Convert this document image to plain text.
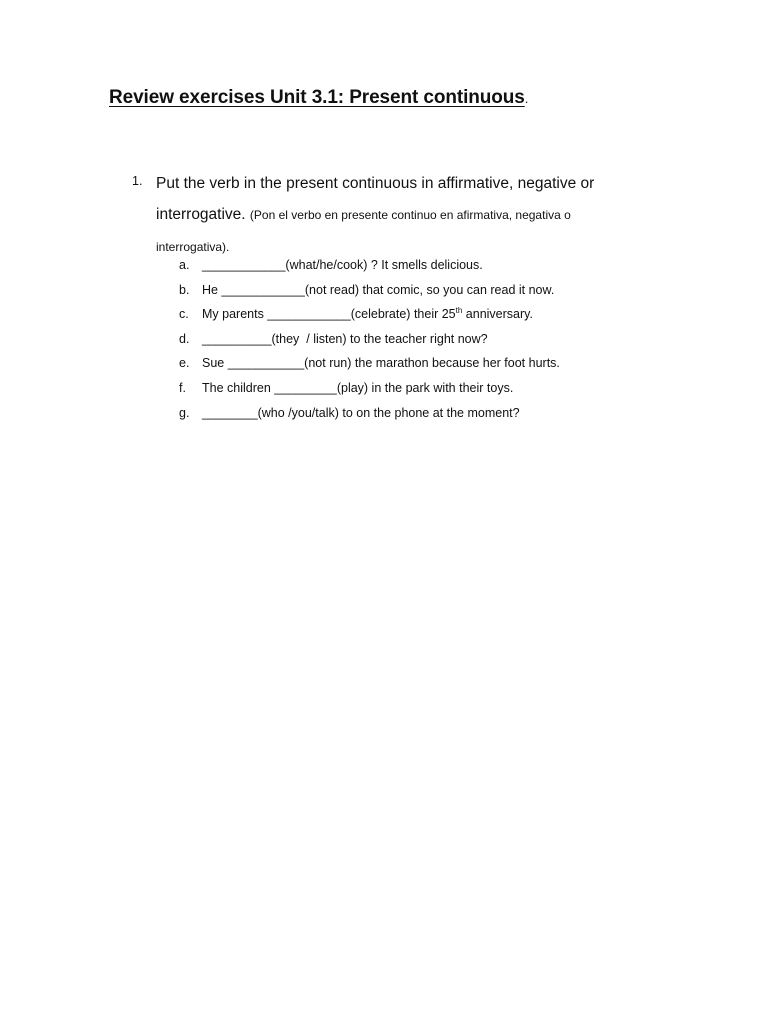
Review exercises Unit 3.1: Present continuous.
1. Put the verb in the present continuous in affirmative, negative or interrogative. (Pon el verbo en presente continuo en afirmativa, negativa o interrogativa).
a.	____________(what/he/cook) ? It smells delicious.
b.	He ____________(not read) that comic, so you can read it now.
c.	My parents ____________(celebrate) their 25th anniversary.
d.	__________(they  / listen) to the teacher right now?
e.	Sue ___________(not run) the marathon because her foot hurts.
f.	The children _________(play) in the park with their toys.
g.	________(who /you/talk) to on the phone at the moment?
